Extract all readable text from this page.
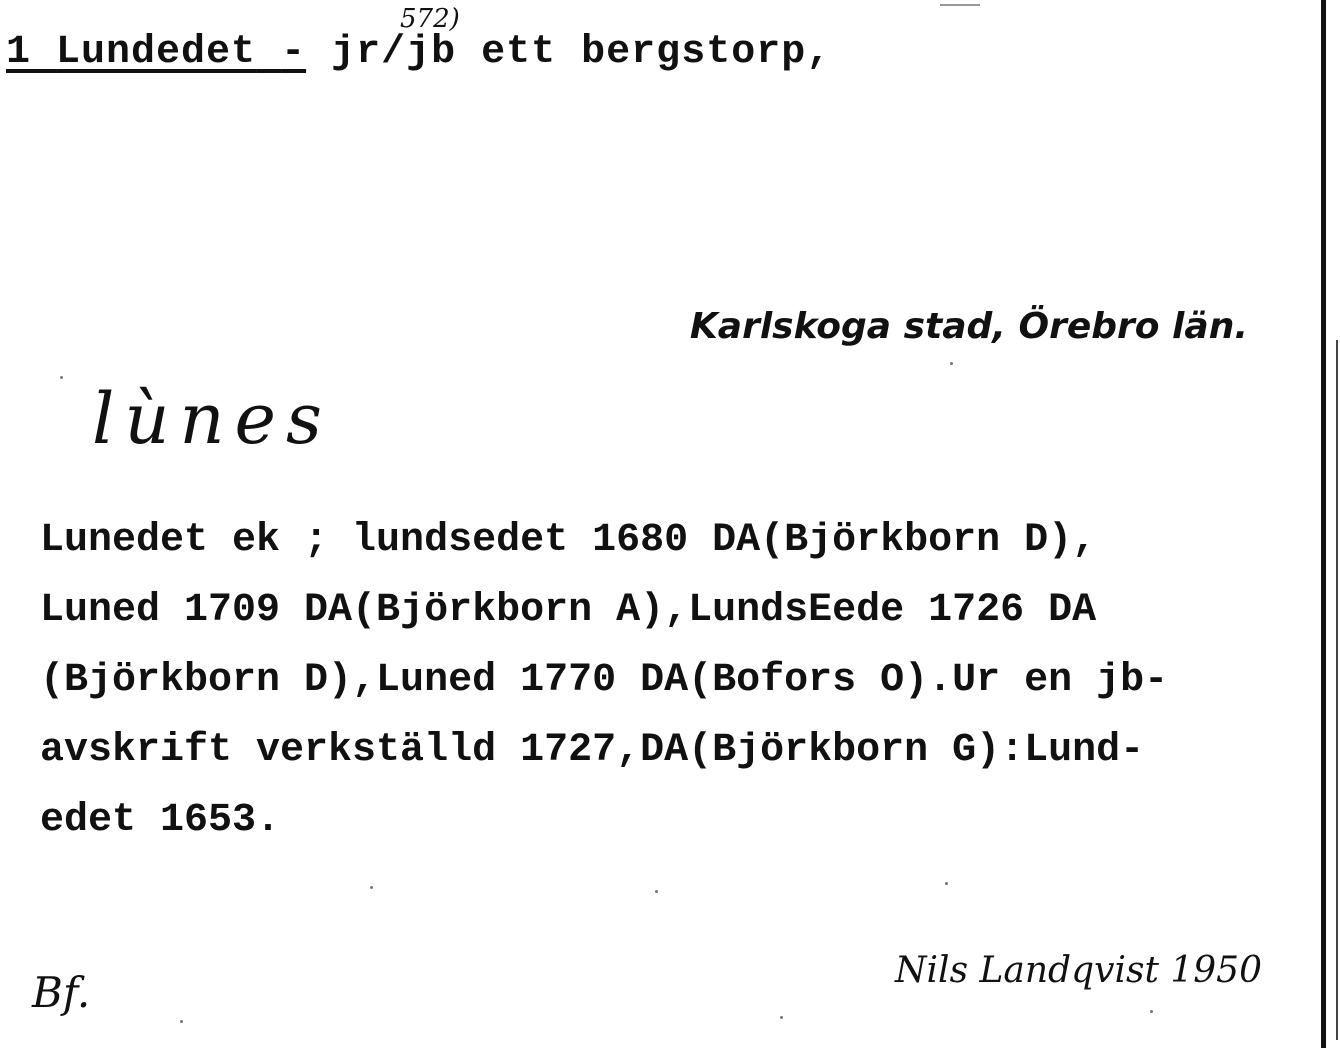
572)
1 Lundedet - jr/jb ett bergstorp,
Karlskoga stad, Örebro län.
lùnes
Lunedet ek ; lundsedet 1680 DA(Björkborn D),
Luned 1709 DA(Björkborn A),LundsEede 1726 DA
(Björkborn D),Luned 1770 DA(Bofors O).Ur en jb-
avskrift verkställd 1727,DA(Björkborn G):Lund-
edet 1653.
Bf.	Nils Landqvist 1950
